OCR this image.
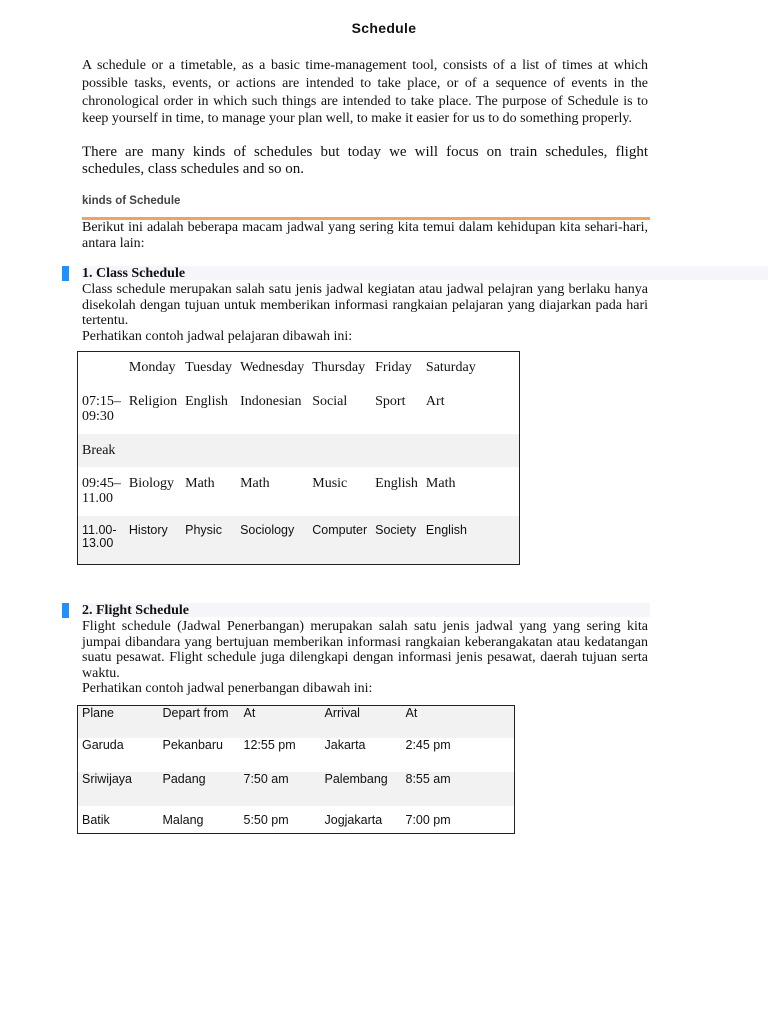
Schedule

A schedule or a timetable, as a basic time-management tool, consists of a list of times at which possible tasks, events, or actions are intended to take place, or of a sequence of events in the chronological order in which such things are intended to take place. The purpose of Schedule is to keep yourself in time, to manage your plan well, to make it easier for us to do something properly.

There are many kinds of schedules but today we will focus on train schedules, flight schedules, class schedules and so on.

kinds of Schedule
Berikut ini adalah beberapa macam jadwal yang sering kita temui dalam kehidupan kita sehari-hari, antara lain:
1. Class Schedule
Class schedule merupakan salah satu jenis jadwal kegiatan atau jadwal pelajran yang berlaku hanya disekolah dengan tujuan untuk memberikan informasi rangkaian pelajaran yang diajarkan pada hari tertentu.
Perhatikan contoh jadwal pelajaran dibawah ini:
	Monday	Tuesday	Wednesday	Thursday	Friday	Saturday
07:15–09:30	Religion	English	Indonesian	Social	Sport	Art
Break						
09:45–11.00	Biology	Math	Math	Music	English	Math
11.00-13.00	History	Physic	Sociology	Computer	Society	English
2. Flight Schedule
Flight schedule (Jadwal Penerbangan) merupakan salah satu jenis jadwal yang yang sering kita jumpai dibandara yang bertujuan memberikan informasi rangkaian keberangakatan atau kedatangan suatu pesawat. Flight schedule juga dilengkapi dengan informasi jenis pesawat, daerah tujuan serta waktu.
Perhatikan contoh jadwal penerbangan dibawah ini:
Plane	Depart from	At	Arrival	At
Garuda	Pekanbaru	12:55 pm	Jakarta	2:45 pm
Sriwijaya	Padang	7:50 am	Palembang	8:55 am
Batik	Malang	5:50 pm	Jogjakarta	7:00 pm
